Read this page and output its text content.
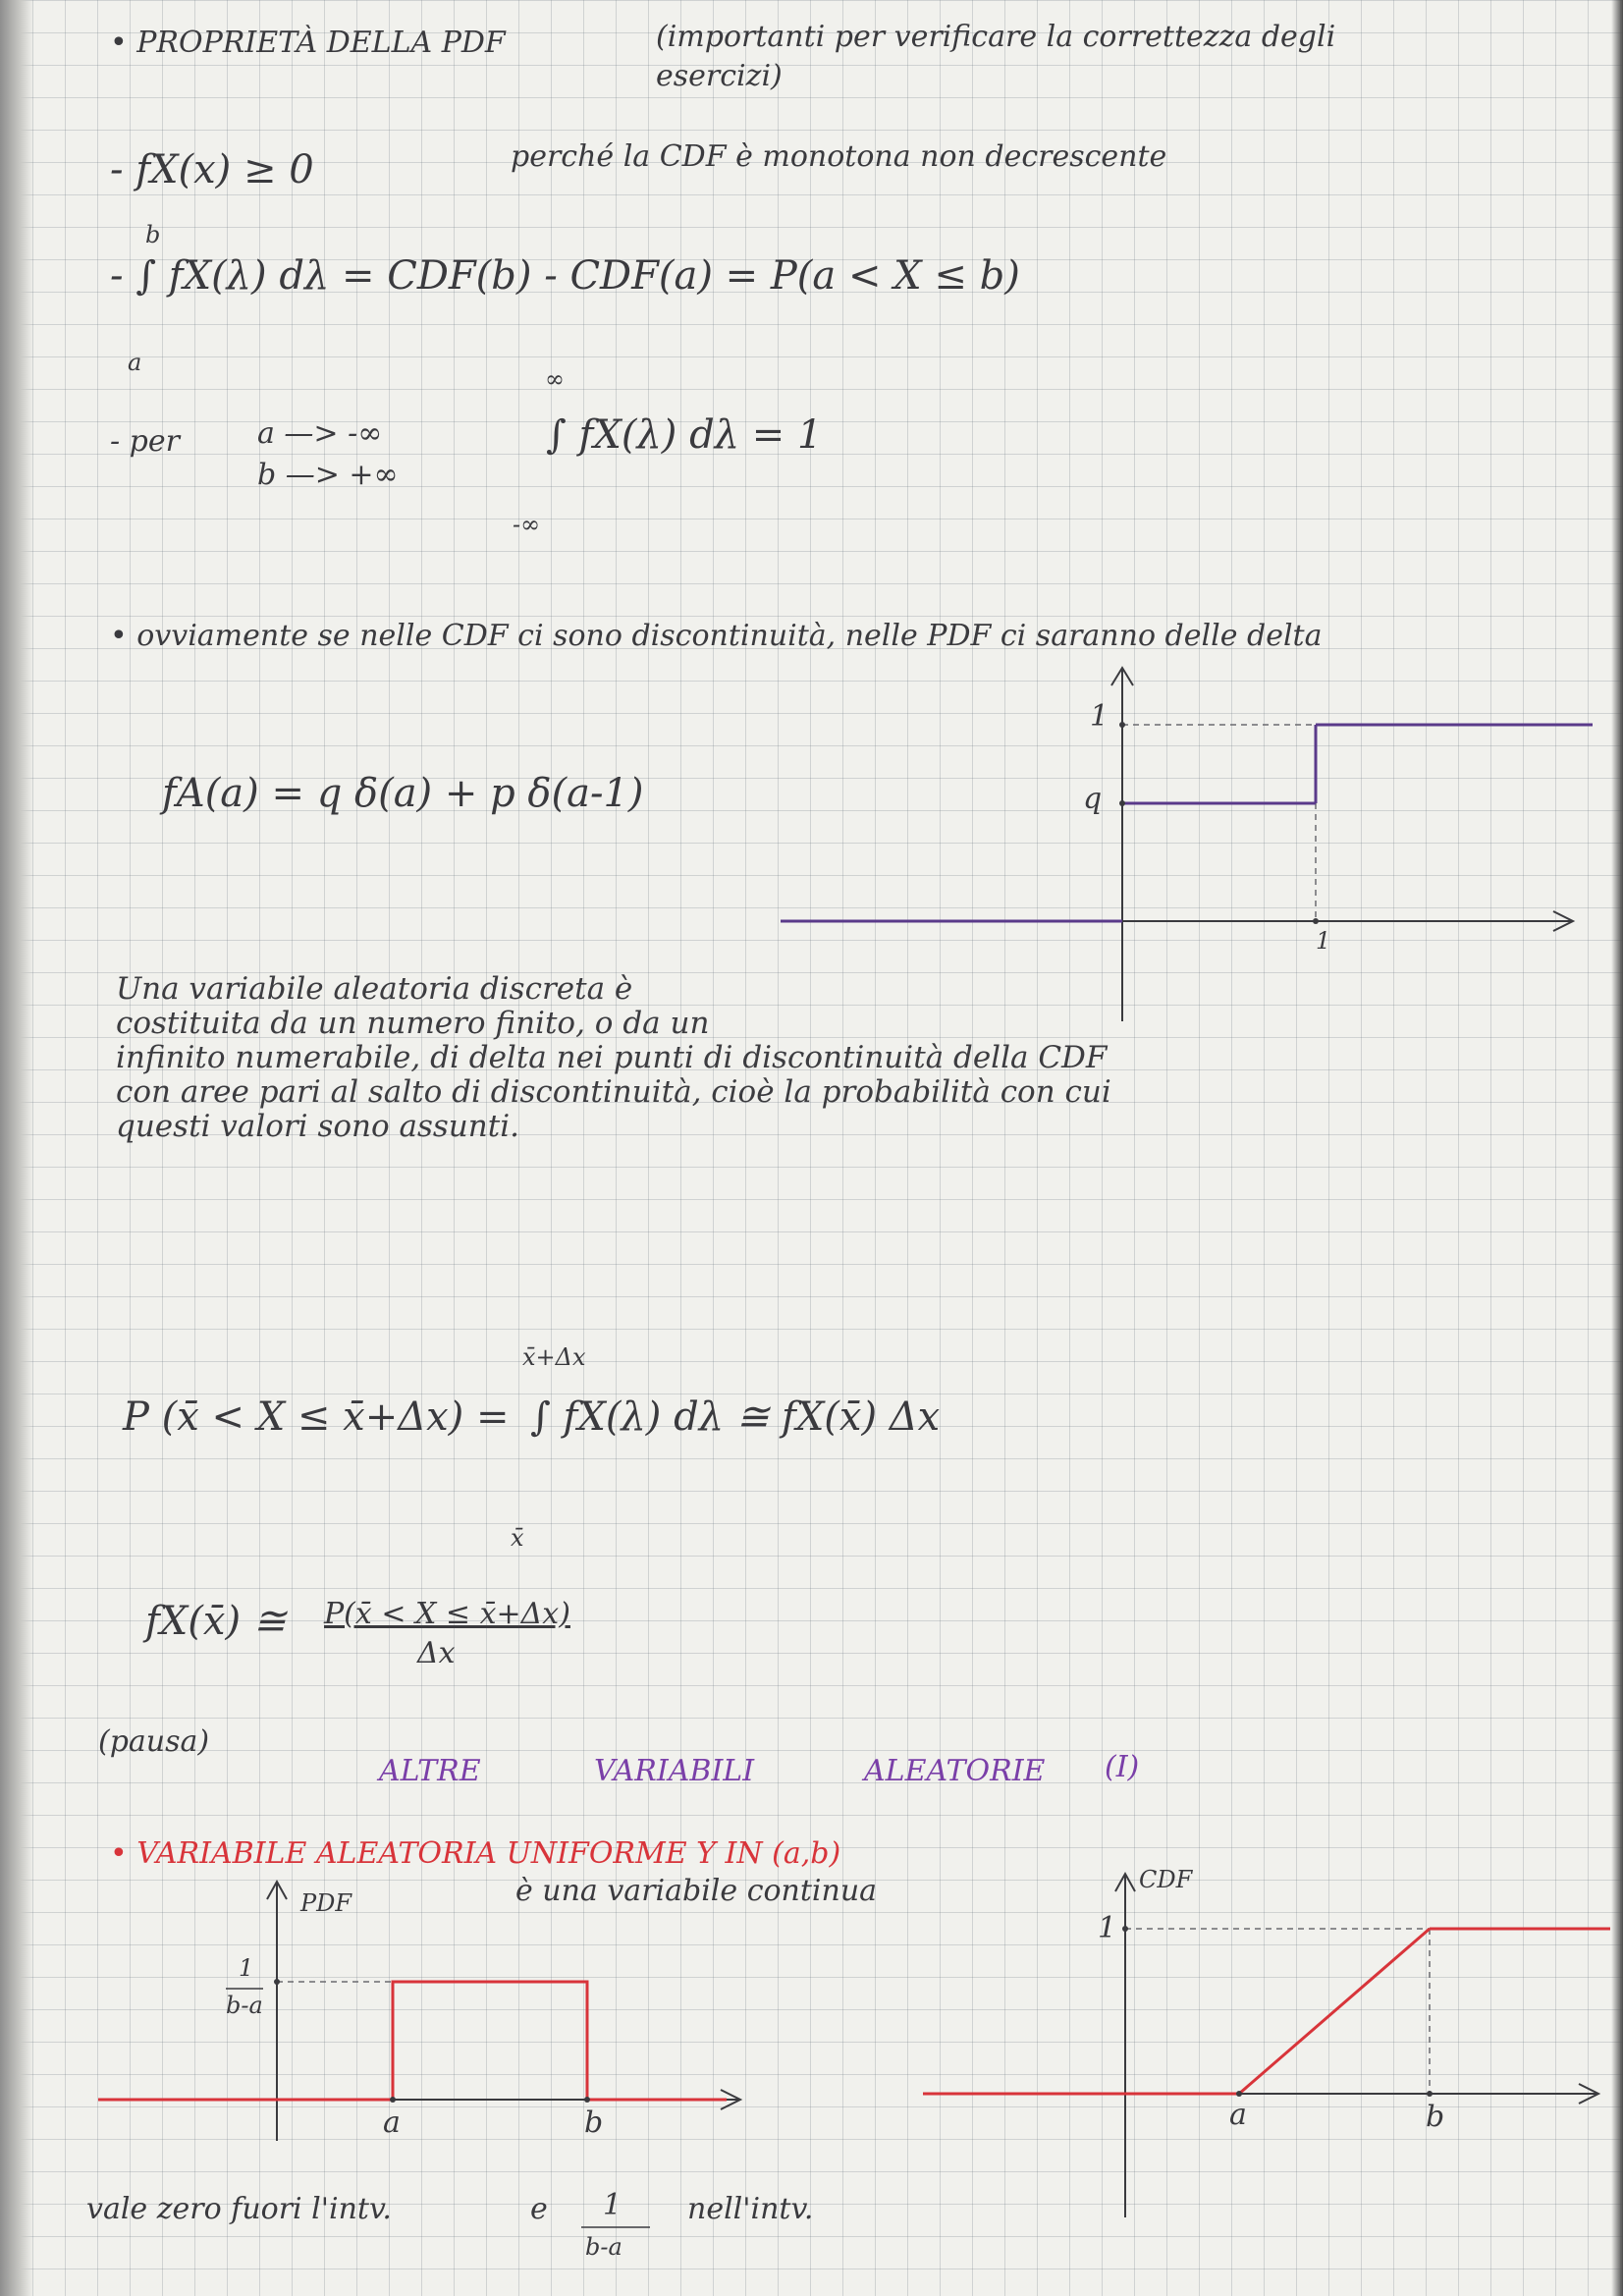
• PROPRIETÀ DELLA PDF	(importanti per verificare la correttezza degli
esercizi)
- fX(x) ≥ 0	perché la CDF è monotona non decrescente
b
- ∫ fX(λ) dλ = CDF(b) - CDF(a) = P(a < X ≤ b)
a
- per	a —> -∞
b —> +∞
∞
∫ fX(λ) dλ = 1
-∞
• ovviamente se nelle CDF ci sono discontinuità, nelle PDF ci saranno delle delta
fA(a) = q δ(a) + p δ(a-1)
1
q
1
Una variabile aleatoria discreta è
costituita da un numero finito, o da un
infinito numerabile, di delta nei punti di discontinuità della CDF
con aree pari al salto di discontinuità, cioè la probabilità con cui
questi valori sono assunti.
x̄+Δx
P (x̄ < X ≤ x̄+Δx) = ∫ fX(λ) dλ ≅ fX(x̄) Δx
x̄
fX(x̄) ≅ P(x̄ < X ≤ x̄+Δx)
Δx
(pausa)
ALTRE	VARIABILI	ALEATORIE (I)
• VARIABILE ALEATORIA UNIFORME Y IN (a,b)
è una variabile continua
PDF
1
b-a
a	b
CDF
1
a	b
vale zero fuori l'intv.	e 1
b-a
nell'intv.
